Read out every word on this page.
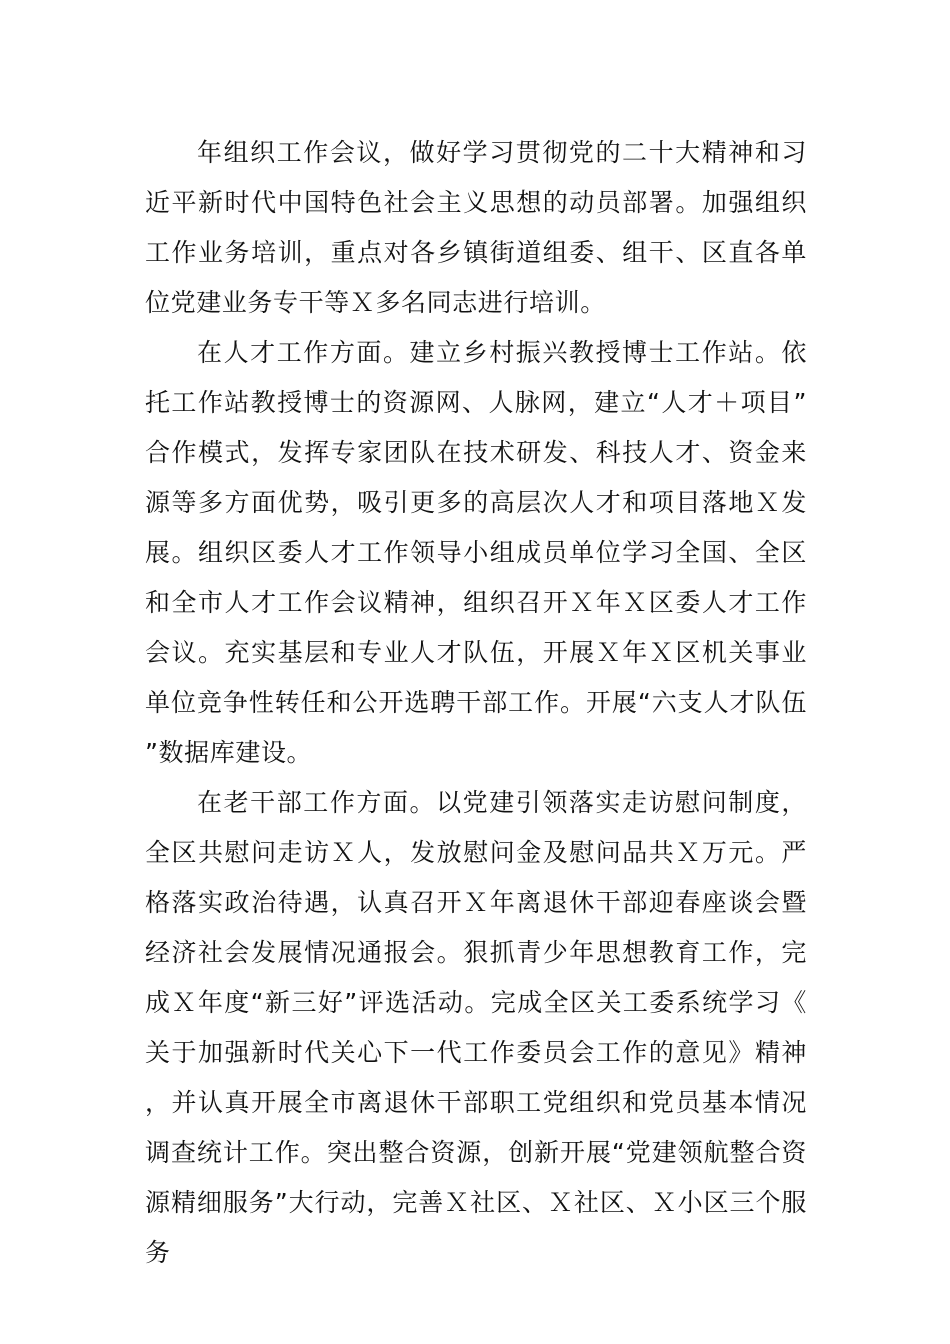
年组织工作会议，做好学习贯彻党的二十大精神和习近平新时代中国特色社会主义思想的动员部署。加强组织工作业务培训，重点对各乡镇街道组委、组干、区直各单位党建业务专干等Ｘ多名同志进行培训。

在人才工作方面。建立乡村振兴教授博士工作站。依托工作站教授博士的资源网、人脉网，建立“人才＋项目”合作模式，发挥专家团队在技术研发、科技人才、资金来源等多方面优势，吸引更多的高层次人才和项目落地Ｘ发展。组织区委人才工作领导小组成员单位学习全国、全区和全市人才工作会议精神，组织召开Ｘ年Ｘ区委人才工作会议。充实基层和专业人才队伍，开展Ｘ年Ｘ区机关事业单位竞争性转任和公开选聘干部工作。开展“六支人才队伍”数据库建设。

在老干部工作方面。以党建引领落实走访慰问制度，全区共慰问走访Ｘ人，发放慰问金及慰问品共Ｘ万元。严格落实政治待遇，认真召开Ｘ年离退休干部迎春座谈会暨经济社会发展情况通报会。狠抓青少年思想教育工作，完成Ｘ年度“新三好”评选活动。完成全区关工委系统学习《关于加强新时代关心下一代工作委员会工作的意见》精神，并认真开展全市离退休干部职工党组织和党员基本情况调查统计工作。突出整合资源，创新开展“党建领航整合资源精细服务”大行动，完善Ｘ社区、Ｘ社区、Ｘ小区三个服务
